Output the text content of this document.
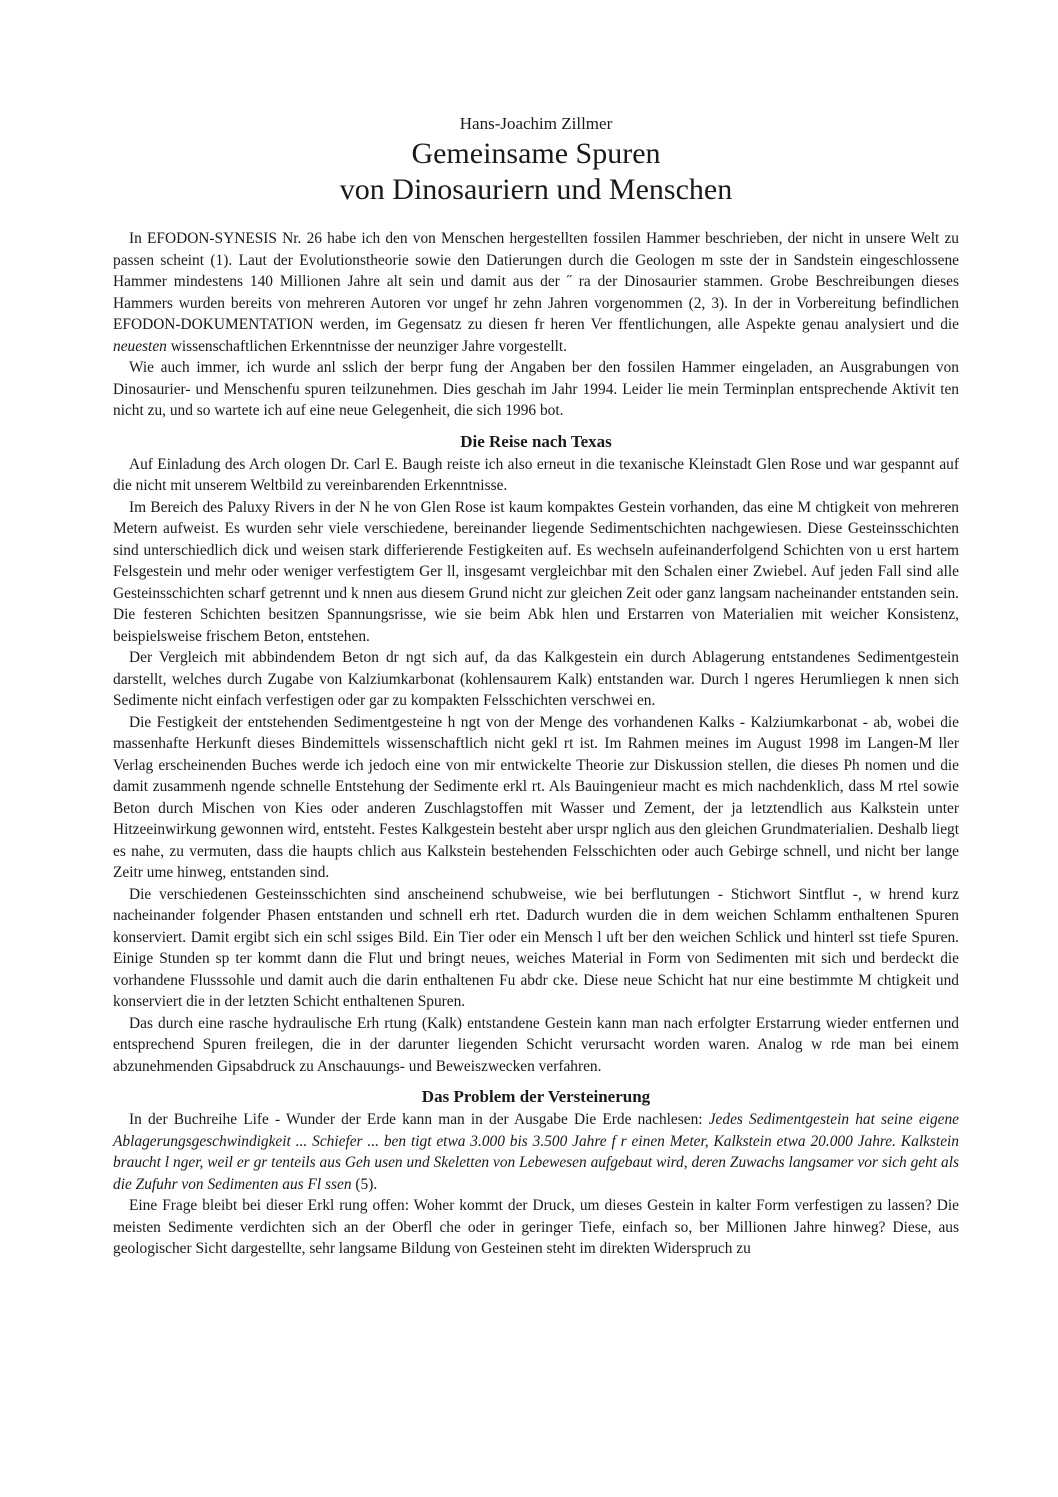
Hans-Joachim Zillmer
Gemeinsame Spuren
von Dinosauriern und Menschen

In EFODON-SYNESIS Nr. 26 habe ich den von Menschen hergestellten fossilen Hammer beschrieben, der nicht in unsere Welt zu passen scheint (1). Laut der Evolutionstheorie sowie den Datierungen durch die Geologen m sste der in Sandstein eingeschlossene Hammer mindestens 140 Millionen Jahre alt sein und damit aus der ˝ ra der Dinosaurier stammen. Grobe Beschreibungen dieses Hammers wurden bereits von mehreren Autoren vor ungef hr zehn Jahren vorgenommen (2, 3). In der in Vorbereitung befindlichen EFODON-DOKUMENTATION werden, im Gegensatz zu diesen fr heren Ver ffentlichungen, alle Aspekte genau analysiert und die neuesten wissenschaftlichen Erkenntnisse der neunziger Jahre vorgestellt.

Wie auch immer, ich wurde anl sslich der berpr fung der Angaben ber den fossilen Hammer eingeladen, an Ausgrabungen von Dinosaurier- und Menschenfu spuren teilzunehmen. Dies geschah im Jahr 1994. Leider lie mein Terminplan entsprechende Aktivit ten nicht zu, und so wartete ich auf eine neue Gelegenheit, die sich 1996 bot.

Die Reise nach Texas

Auf Einladung des Arch ologen Dr. Carl E. Baugh reiste ich also erneut in die texanische Kleinstadt Glen Rose und war gespannt auf die nicht mit unserem Weltbild zu vereinbarenden Erkenntnisse.

Im Bereich des Paluxy Rivers in der N he von Glen Rose ist kaum kompaktes Gestein vorhanden, das eine M chtigkeit von mehreren Metern aufweist. Es wurden sehr viele verschiedene, bereinander liegende Sedimentschichten nachgewiesen. Diese Gesteinsschichten sind unterschiedlich dick und weisen stark differierende Festigkeiten auf. Es wechseln aufeinanderfolgend Schichten von u erst hartem Felsgestein und mehr oder weniger verfestigtem Ger ll, insgesamt vergleichbar mit den Schalen einer Zwiebel. Auf jeden Fall sind alle Gesteinsschichten scharf getrennt und k nnen aus diesem Grund nicht zur gleichen Zeit oder ganz langsam nacheinander entstanden sein. Die festeren Schichten besitzen Spannungsrisse, wie sie beim Abk hlen und Erstarren von Materialien mit weicher Konsistenz, beispielsweise frischem Beton, entstehen.

Der Vergleich mit abbindendem Beton dr ngt sich auf, da das Kalkgestein ein durch Ablagerung entstandenes Sedimentgestein darstellt, welches durch Zugabe von Kalziumkarbonat (kohlensaurem Kalk) entstanden war. Durch l ngeres Herumliegen k nnen sich Sedimente nicht einfach verfestigen oder gar zu kompakten Felsschichten verschwei en.

Die Festigkeit der entstehenden Sedimentgesteine h ngt von der Menge des vorhandenen Kalks - Kalziumkarbonat - ab, wobei die massenhafte Herkunft dieses Bindemittels wissenschaftlich nicht gekl rt ist. Im Rahmen meines im August 1998 im Langen-M ller Verlag erscheinenden Buches werde ich jedoch eine von mir entwickelte Theorie zur Diskussion stellen, die dieses Ph nomen und die damit zusammenh ngende schnelle Entstehung der Sedimente erkl rt. Als Bauingenieur macht es mich nachdenklich, dass M rtel sowie Beton durch Mischen von Kies oder anderen Zuschlagstoffen mit Wasser und Zement, der ja letztendlich aus Kalkstein unter Hitzeeinwirkung gewonnen wird, entsteht. Festes Kalkgestein besteht aber urspr nglich aus den gleichen Grundmaterialien. Deshalb liegt es nahe, zu vermuten, dass die haupts chlich aus Kalkstein bestehenden Felsschichten oder auch Gebirge schnell, und nicht ber lange Zeitr ume hinweg, entstanden sind.

Die verschiedenen Gesteinsschichten sind anscheinend schubweise, wie bei berflutungen - Stichwort Sintflut -, w hrend kurz nacheinander folgender Phasen entstanden und schnell erh rtet. Dadurch wurden die in dem weichen Schlamm enthaltenen Spuren konserviert. Damit ergibt sich ein schl ssiges Bild. Ein Tier oder ein Mensch l uft ber den weichen Schlick und hinterl sst tiefe Spuren. Einige Stunden sp ter kommt dann die Flut und bringt neues, weiches Material in Form von Sedimenten mit sich und berdeckt die vorhandene Flusssohle und damit auch die darin enthaltenen Fu abdr cke. Diese neue Schicht hat nur eine bestimmte M chtigkeit und konserviert die in der letzten Schicht enthaltenen Spuren.

Das durch eine rasche hydraulische Erh rtung (Kalk) entstandene Gestein kann man nach erfolgter Erstarrung wieder entfernen und entsprechend Spuren freilegen, die in der darunter liegenden Schicht verursacht worden waren. Analog w rde man bei einem abzunehmenden Gipsabdruck zu Anschauungs- und Beweiszwecken verfahren.

Das Problem der Versteinerung

In der Buchreihe Life - Wunder der Erde kann man in der Ausgabe Die Erde nachlesen: Jedes Sedimentgestein hat seine eigene Ablagerungsgeschwindigkeit ... Schiefer ... ben tigt etwa 3.000 bis 3.500 Jahre f r einen Meter, Kalkstein etwa 20.000 Jahre. Kalkstein braucht l nger, weil er gr tenteils aus Geh usen und Skeletten von Lebewesen aufgebaut wird, deren Zuwachs langsamer vor sich geht als die Zufuhr von Sedimenten aus Fl ssen (5).

Eine Frage bleibt bei dieser Erkl rung offen: Woher kommt der Druck, um dieses Gestein in kalter Form verfestigen zu lassen? Die meisten Sedimente verdichten sich an der Oberfl che oder in geringer Tiefe, einfach so, ber Millionen Jahre hinweg? Diese, aus geologischer Sicht dargestellte, sehr langsame Bildung von Gesteinen steht im direkten Widerspruch zu
